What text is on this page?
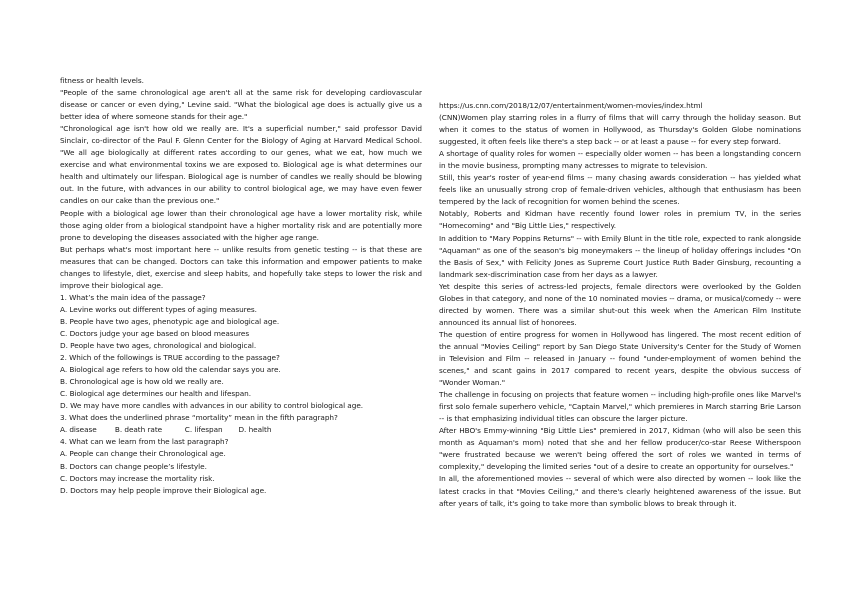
fitness or health levels.

"People of the same chronological age aren't all at the same risk for developing cardiovascular disease or cancer or even dying," Levine said. "What the biological age does is actually give us a better idea of where someone stands for their age."

"Chronological age isn't how old we really are. It's a superficial number," said professor David Sinclair, co-director of the Paul F. Glenn Center for the Biology of Aging at Harvard Medical School. "We all age biologically at different rates according to our genes, what we eat, how much we exercise and what environmental toxins we are exposed to. Biological age is what determines our health and ultimately our lifespan. Biological age is number of candles we really should be blowing out. In the future, with advances in our ability to control biological age, we may have even fewer candles on our cake than the previous one."

People with a biological age lower than their chronological age have a lower mortality risk, while those aging older from a biological standpoint have a higher mortality risk and are potentially more prone to developing the diseases associated with the higher age range.

But perhaps what's most important here -- unlike results from genetic testing -- is that these are measures that can be changed. Doctors can take this information and empower patients to make changes to lifestyle, diet, exercise and sleep habits, and hopefully take steps to lower the risk and improve their biological age.

1. What’s the main idea of the passage?

A. Levine works out different types of aging measures.

B. People have two ages, phenotypic age and biological age.

C. Doctors judge your age based on blood measures

D. People have two ages, chronological and biological.

2. Which of the followings is TRUE according to the passage?

A. Biological age refers to how old the calendar says you are.

B. Chronological age is how old we really are.

C. Biological age determines our health and lifespan.

D. We may have more candles with advances in our ability to control biological age.

3. What does the underlined phrase “mortality” mean in the fifth paragraph?

A. disease        B. death rate          C. lifespan       D. health

4. What can we learn from the last paragraph?

A. People can change their Chronological age.

B. Doctors can change people’s lifestyle.

C. Doctors may increase the mortality risk.

D. Doctors may help people improve their Biological age.

https://us.cnn.com/2018/12/07/entertainment/women-movies/index.html

(CNN)Women play starring roles in a flurry of films that will carry through the holiday season. But when it comes to the status of women in Hollywood, as Thursday's Golden Globe nominations suggested, it often feels like there's a step back -- or at least a pause -- for every step forward.

A shortage of quality roles for women -- especially older women -- has been a longstanding concern in the movie business, prompting many actresses to migrate to television.

Still, this year's roster of year-end films -- many chasing awards consideration -- has yielded what feels like an unusually strong crop of female-driven vehicles, although that enthusiasm has been tempered by the lack of recognition for women behind the scenes.

Notably, Roberts and Kidman have recently found lower roles in premium TV, in the series "Homecoming" and "Big Little Lies," respectively.

In addition to "Mary Poppins Returns" -- with Emily Blunt in the title role, expected to rank alongside "Aquaman" as one of the season's big moneymakers -- the lineup of holiday offerings includes "On the Basis of Sex," with Felicity Jones as Supreme Court Justice Ruth Bader Ginsburg, recounting a landmark sex-discrimination case from her days as a lawyer.

Yet despite this series of actress-led projects, female directors were overlooked by the Golden Globes in that category, and none of the 10 nominated movies -- drama, or musical/comedy -- were directed by women. There was a similar shut-out this week when the American Film Institute announced its annual list of honorees.

The question of entire progress for women in Hollywood has lingered. The most recent edition of the annual "Movies Ceiling" report by San Diego State University's Center for the Study of Women in Television and Film -- released in January -- found "under-employment of women behind the scenes," and scant gains in 2017 compared to recent years, despite the obvious success of "Wonder Woman."

The challenge in focusing on projects that feature women -- including high-profile ones like Marvel's first solo female superhero vehicle, "Captain Marvel," which premieres in March starring Brie Larson -- is that emphasizing individual titles can obscure the larger picture.

After HBO's Emmy-winning "Big Little Lies" premiered in 2017, Kidman (who will also be seen this month as Aquaman's mom) noted that she and her fellow producer/co-star Reese Witherspoon "were frustrated because we weren't being offered the sort of roles we wanted in terms of complexity," developing the limited series "out of a desire to create an opportunity for ourselves."

In all, the aforementioned movies -- several of which were also directed by women -- look like the latest cracks in that "Movies Ceiling," and there's clearly heightened awareness of the issue. But after years of talk, it's going to take more than symbolic blows to break through it.
